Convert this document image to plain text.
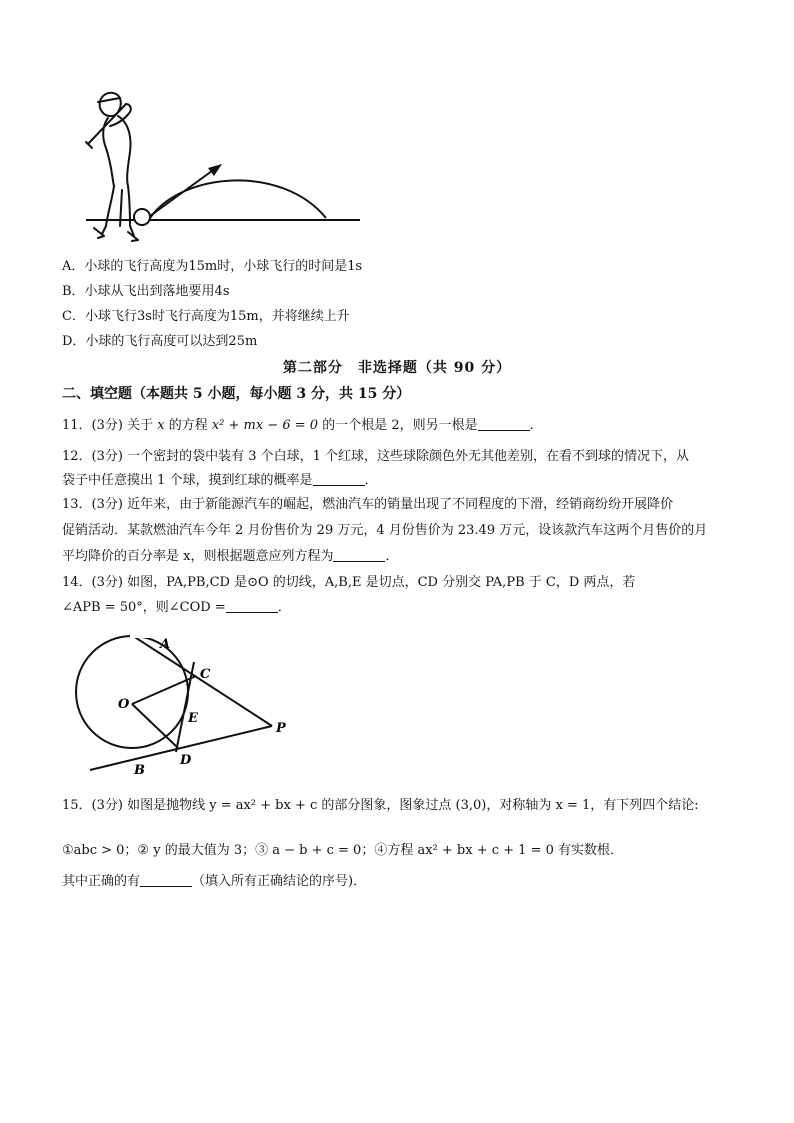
A．小球的飞行高度为15m时，小球飞行的时间是1s
B．小球从飞出到落地要用4s
C．小球飞行3s时飞行高度为15m，并将继续上升
D．小球的飞行高度可以达到25m
第二部分　非选择题（共 90 分）
二、填空题（本题共 5 小题，每小题 3 分，共 15 分）
11．(3分) 关于 x 的方程 x² + mx − 6 = 0 的一个根是 2，则另一根是	．
12．(3分) 一个密封的袋中装有 3 个白球，1 个红球，这些球除颜色外无其他差别，在看不到球的情况下，从
袋子中任意摸出 1 个球，摸到红球的概率是	．
13．(3分) 近年来，由于新能源汽车的崛起，燃油汽车的销量出现了不同程度的下滑，经销商纷纷开展降价
促销活动．某款燃油汽车今年 2 月份售价为 29 万元，4 月份售价为 23.49 万元，设该款汽车这两个月售价的月
平均降价的百分率是 x，则根据题意应列方程为	．
14．(3分) 如图，PA,PB,CD 是⊙O 的切线，A,B,E 是切点，CD 分别交 PA,PB 于 C，D 两点，若
∠APB = 50°，则∠COD =	．
A
C
O
E
P
D
B
15．(3分) 如图是抛物线 y = ax² + bx + c 的部分图象，图象过点 (3,0)，对称轴为 x = 1，有下列四个结论:
①abc > 0；② y 的最大值为 3；③ a − b + c = 0；④方程 ax² + bx + c + 1 = 0 有实数根．
其中正确的有	（填入所有正确结论的序号)．
